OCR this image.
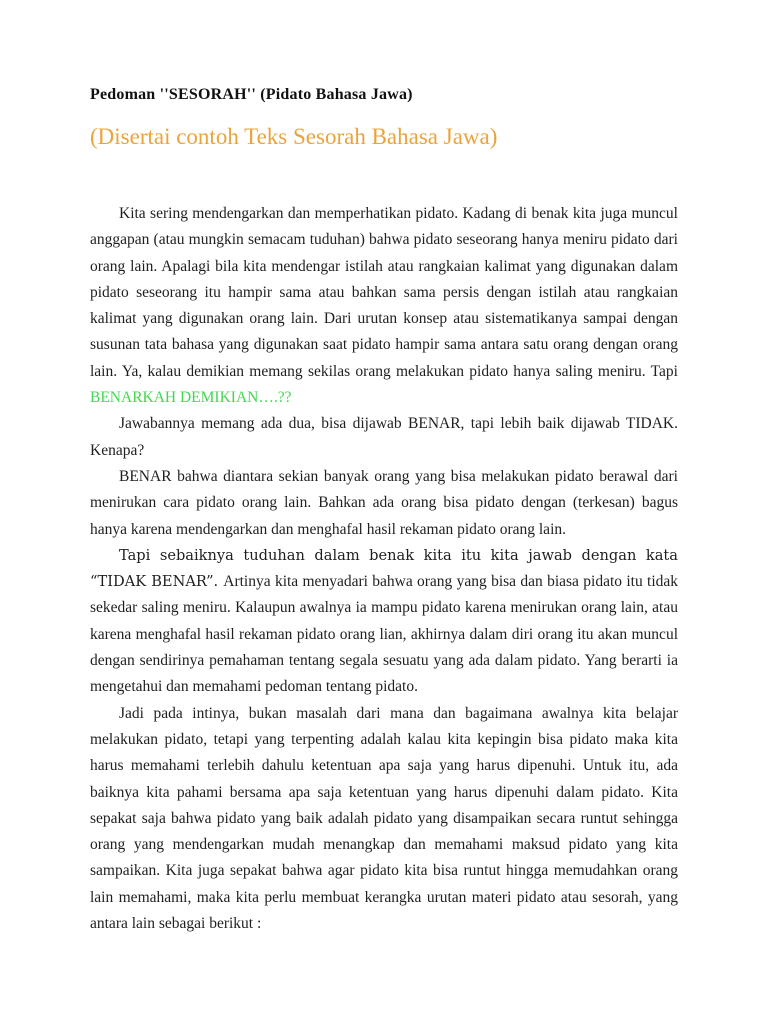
Pedoman ''SESORAH'' (Pidato Bahasa Jawa)
(Disertai contoh Teks Sesorah Bahasa Jawa)

Kita sering mendengarkan dan memperhatikan pidato. Kadang di benak kita juga muncul anggapan (atau mungkin semacam tuduhan) bahwa pidato seseorang hanya meniru pidato dari orang lain. Apalagi bila kita mendengar istilah atau rangkaian kalimat yang digunakan dalam pidato seseorang itu hampir sama atau bahkan sama persis dengan istilah atau rangkaian kalimat yang digunakan orang lain. Dari urutan konsep atau sistematikanya sampai dengan susunan tata bahasa yang digunakan saat pidato hampir sama antara satu orang dengan orang lain. Ya, kalau demikian memang sekilas orang melakukan pidato hanya saling meniru. Tapi BENARKAH DEMIKIAN….??

Jawabannya memang ada dua, bisa dijawab BENAR, tapi lebih baik dijawab TIDAK. Kenapa?

BENAR bahwa diantara sekian banyak orang yang bisa melakukan pidato berawal dari menirukan cara pidato orang lain. Bahkan ada orang bisa pidato dengan (terkesan) bagus hanya karena mendengarkan dan menghafal hasil rekaman pidato orang lain.

Tapi sebaiknya tuduhan dalam benak kita itu kita jawab dengan kata “TIDAK BENAR”. Artinya kita menyadari bahwa orang yang bisa dan biasa pidato itu tidak sekedar saling meniru. Kalaupun awalnya ia mampu pidato karena menirukan orang lain, atau karena menghafal hasil rekaman pidato orang lian, akhirnya dalam diri orang itu akan muncul dengan sendirinya pemahaman tentang segala sesuatu yang ada dalam pidato. Yang berarti ia mengetahui dan memahami pedoman tentang pidato.

Jadi pada intinya, bukan masalah dari mana dan bagaimana awalnya kita belajar melakukan pidato, tetapi yang terpenting adalah kalau kita kepingin bisa pidato maka kita harus memahami terlebih dahulu ketentuan apa saja yang harus dipenuhi. Untuk itu, ada baiknya kita pahami bersama apa saja ketentuan yang harus dipenuhi dalam pidato. Kita sepakat saja bahwa pidato yang baik adalah pidato yang disampaikan secara runtut sehingga orang yang mendengarkan mudah menangkap dan memahami maksud pidato yang kita sampaikan. Kita juga sepakat bahwa agar pidato kita bisa runtut hingga memudahkan orang lain memahami, maka kita perlu membuat kerangka urutan materi pidato atau sesorah, yang antara lain sebagai berikut :
